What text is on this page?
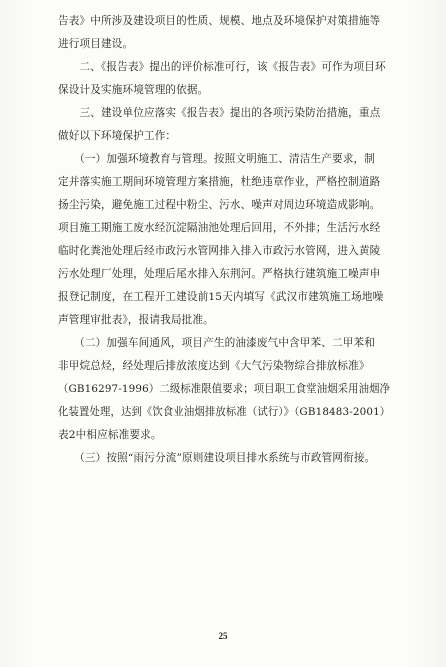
告表》中所涉及建设项目的性质、规模、地点及环境保护对策措施等
进行项目建设。
　　二、《报告表》提出的评价标准可行，该《报告表》可作为项目环
保设计及实施环境管理的依据。
　　三、建设单位应落实《报告表》提出的各项污染防治措施，重点
做好以下环境保护工作：
　　（一）加强环境教育与管理。按照文明施工、清洁生产要求，制
定并落实施工期间环境管理方案措施，杜绝违章作业，严格控制道路
扬尘污染，避免施工过程中粉尘、污水、噪声对周边环境造成影响。
项目施工期施工废水经沉淀隔油池处理后回用，不外排；生活污水经
临时化粪池处理后经市政污水管网排入排入市政污水管网，进入黄陵
污水处理厂处理，处理后尾水排入东荆河。严格执行建筑施工噪声申
报登记制度，在工程开工建设前15天内填写《武汉市建筑施工场地噪
声管理审批表》，报请我局批准。
　　（二）加强车间通风，项目产生的油漆废气中含甲苯、二甲苯和
非甲烷总烃，经处理后排放浓度达到《大气污染物综合排放标准》
（GB16297-1996）二级标准限值要求；项目职工食堂油烟采用油烟净
化装置处理，达到《饮食业油烟排放标准（试行）》（GB18483-2001）
表2中相应标准要求。
　　（三）按照“雨污分流”原则建设项目排水系统与市政管网衔接。
25
